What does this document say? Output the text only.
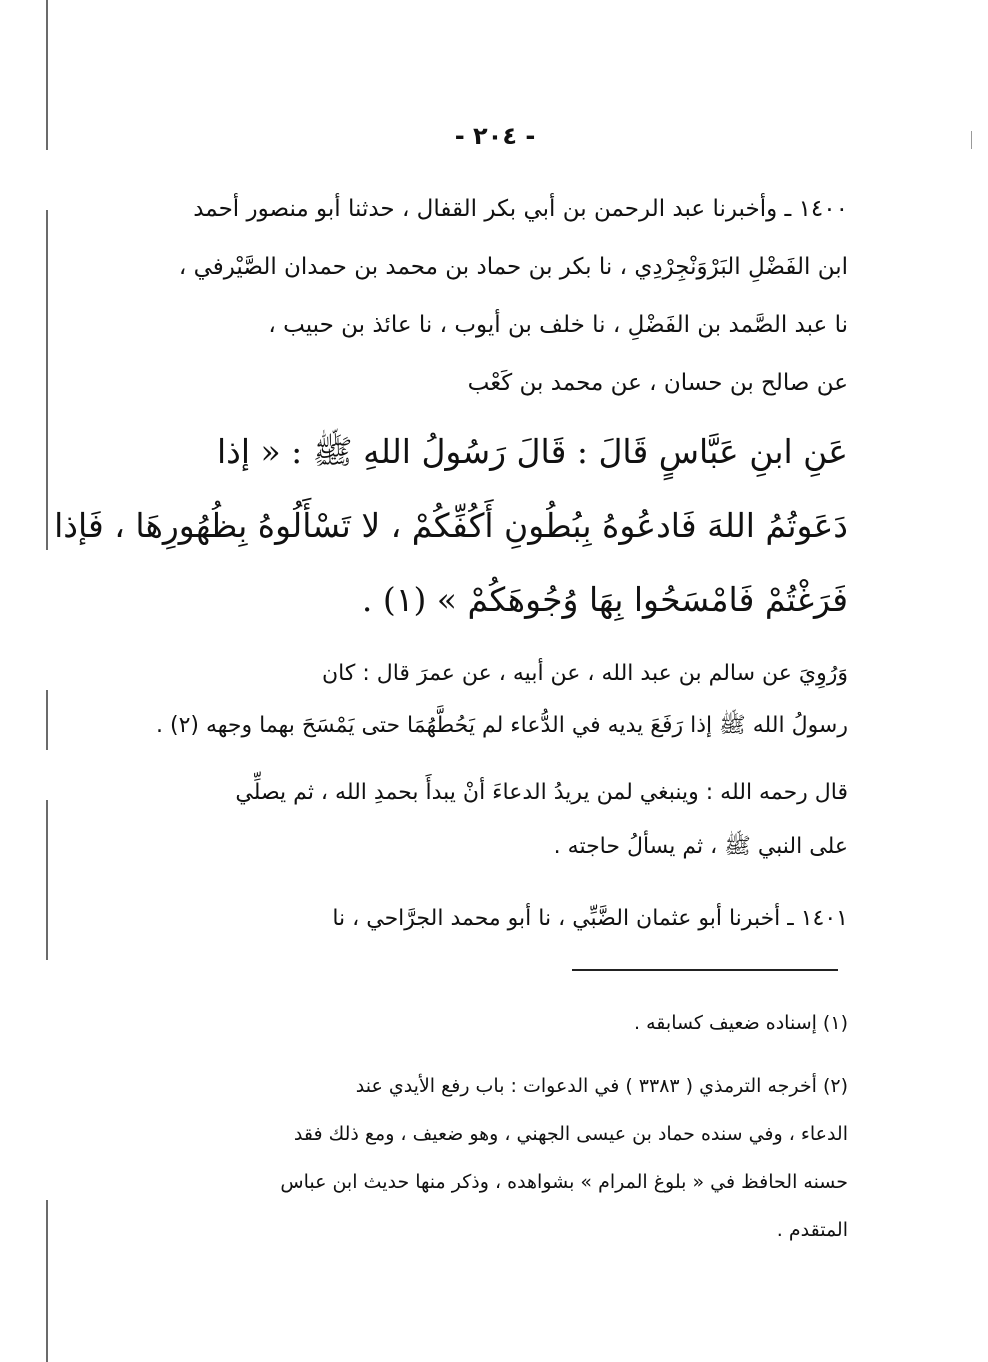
- ٢٠٤ -
١٤٠٠ ـ وأخبرنا عبد الرحمن بن أبي بكر القفال ، حدثنا أبو منصور أحمد
ابن الفَضْلِ البَرْوَنْجِرْدِي ، نا بكر بن حماد بن محمد بن حمدان الصَّيْرفي ،
نا عبد الصَّمد بن الفَضْلِ ، نا خلف بن أيوب ، نا عائذ بن حبيب ،
عن صالح بن حسان ، عن محمد بن كَعْب
عَنِ ابنِ عَبَّاسٍ قَالَ : قَالَ رَسُولُ اللهِ ﷺ : « إذا
دَعَوتُمُ اللهَ فَادعُوهُ بِبُطُونِ أَكُفِّكُمْ ، لا تَسْأَلُوهُ بِظُهُورِهَا ، فَإذا
فَرَغْتُمْ فَامْسَحُوا بِهَا وُجُوهَكُمْ » (١) .
وَرُوِيَ عن سالم بن عبد الله ، عن أبيه ، عن عمرَ قال : كان
رسولُ الله ﷺ إذا رَفَعَ يديه في الدُّعاء لم يَحُطَّهُمَا حتى يَمْسَحَ بهما وجهه (٢) .
قال رحمه الله : وينبغي لمن يريدُ الدعاءَ أنْ يبدأَ بحمدِ الله ، ثم يصلِّي
على النبي ﷺ ، ثم يسألُ حاجته .
١٤٠١ ـ أخبرنا أبو عثمان الضَّبِّي ، نا أبو محمد الجرَّاحي ، نا
(١) إسناده ضعيف كسابقه .
(٢) أخرجه الترمذي ( ٣٣٨٣ ) في الدعوات : باب رفع الأيدي عند
الدعاء ، وفي سنده حماد بن عيسى الجهني ، وهو ضعيف ، ومع ذلك فقد
حسنه الحافظ في « بلوغ المرام » بشواهده ، وذكر منها حديث ابن عباس
المتقدم .
